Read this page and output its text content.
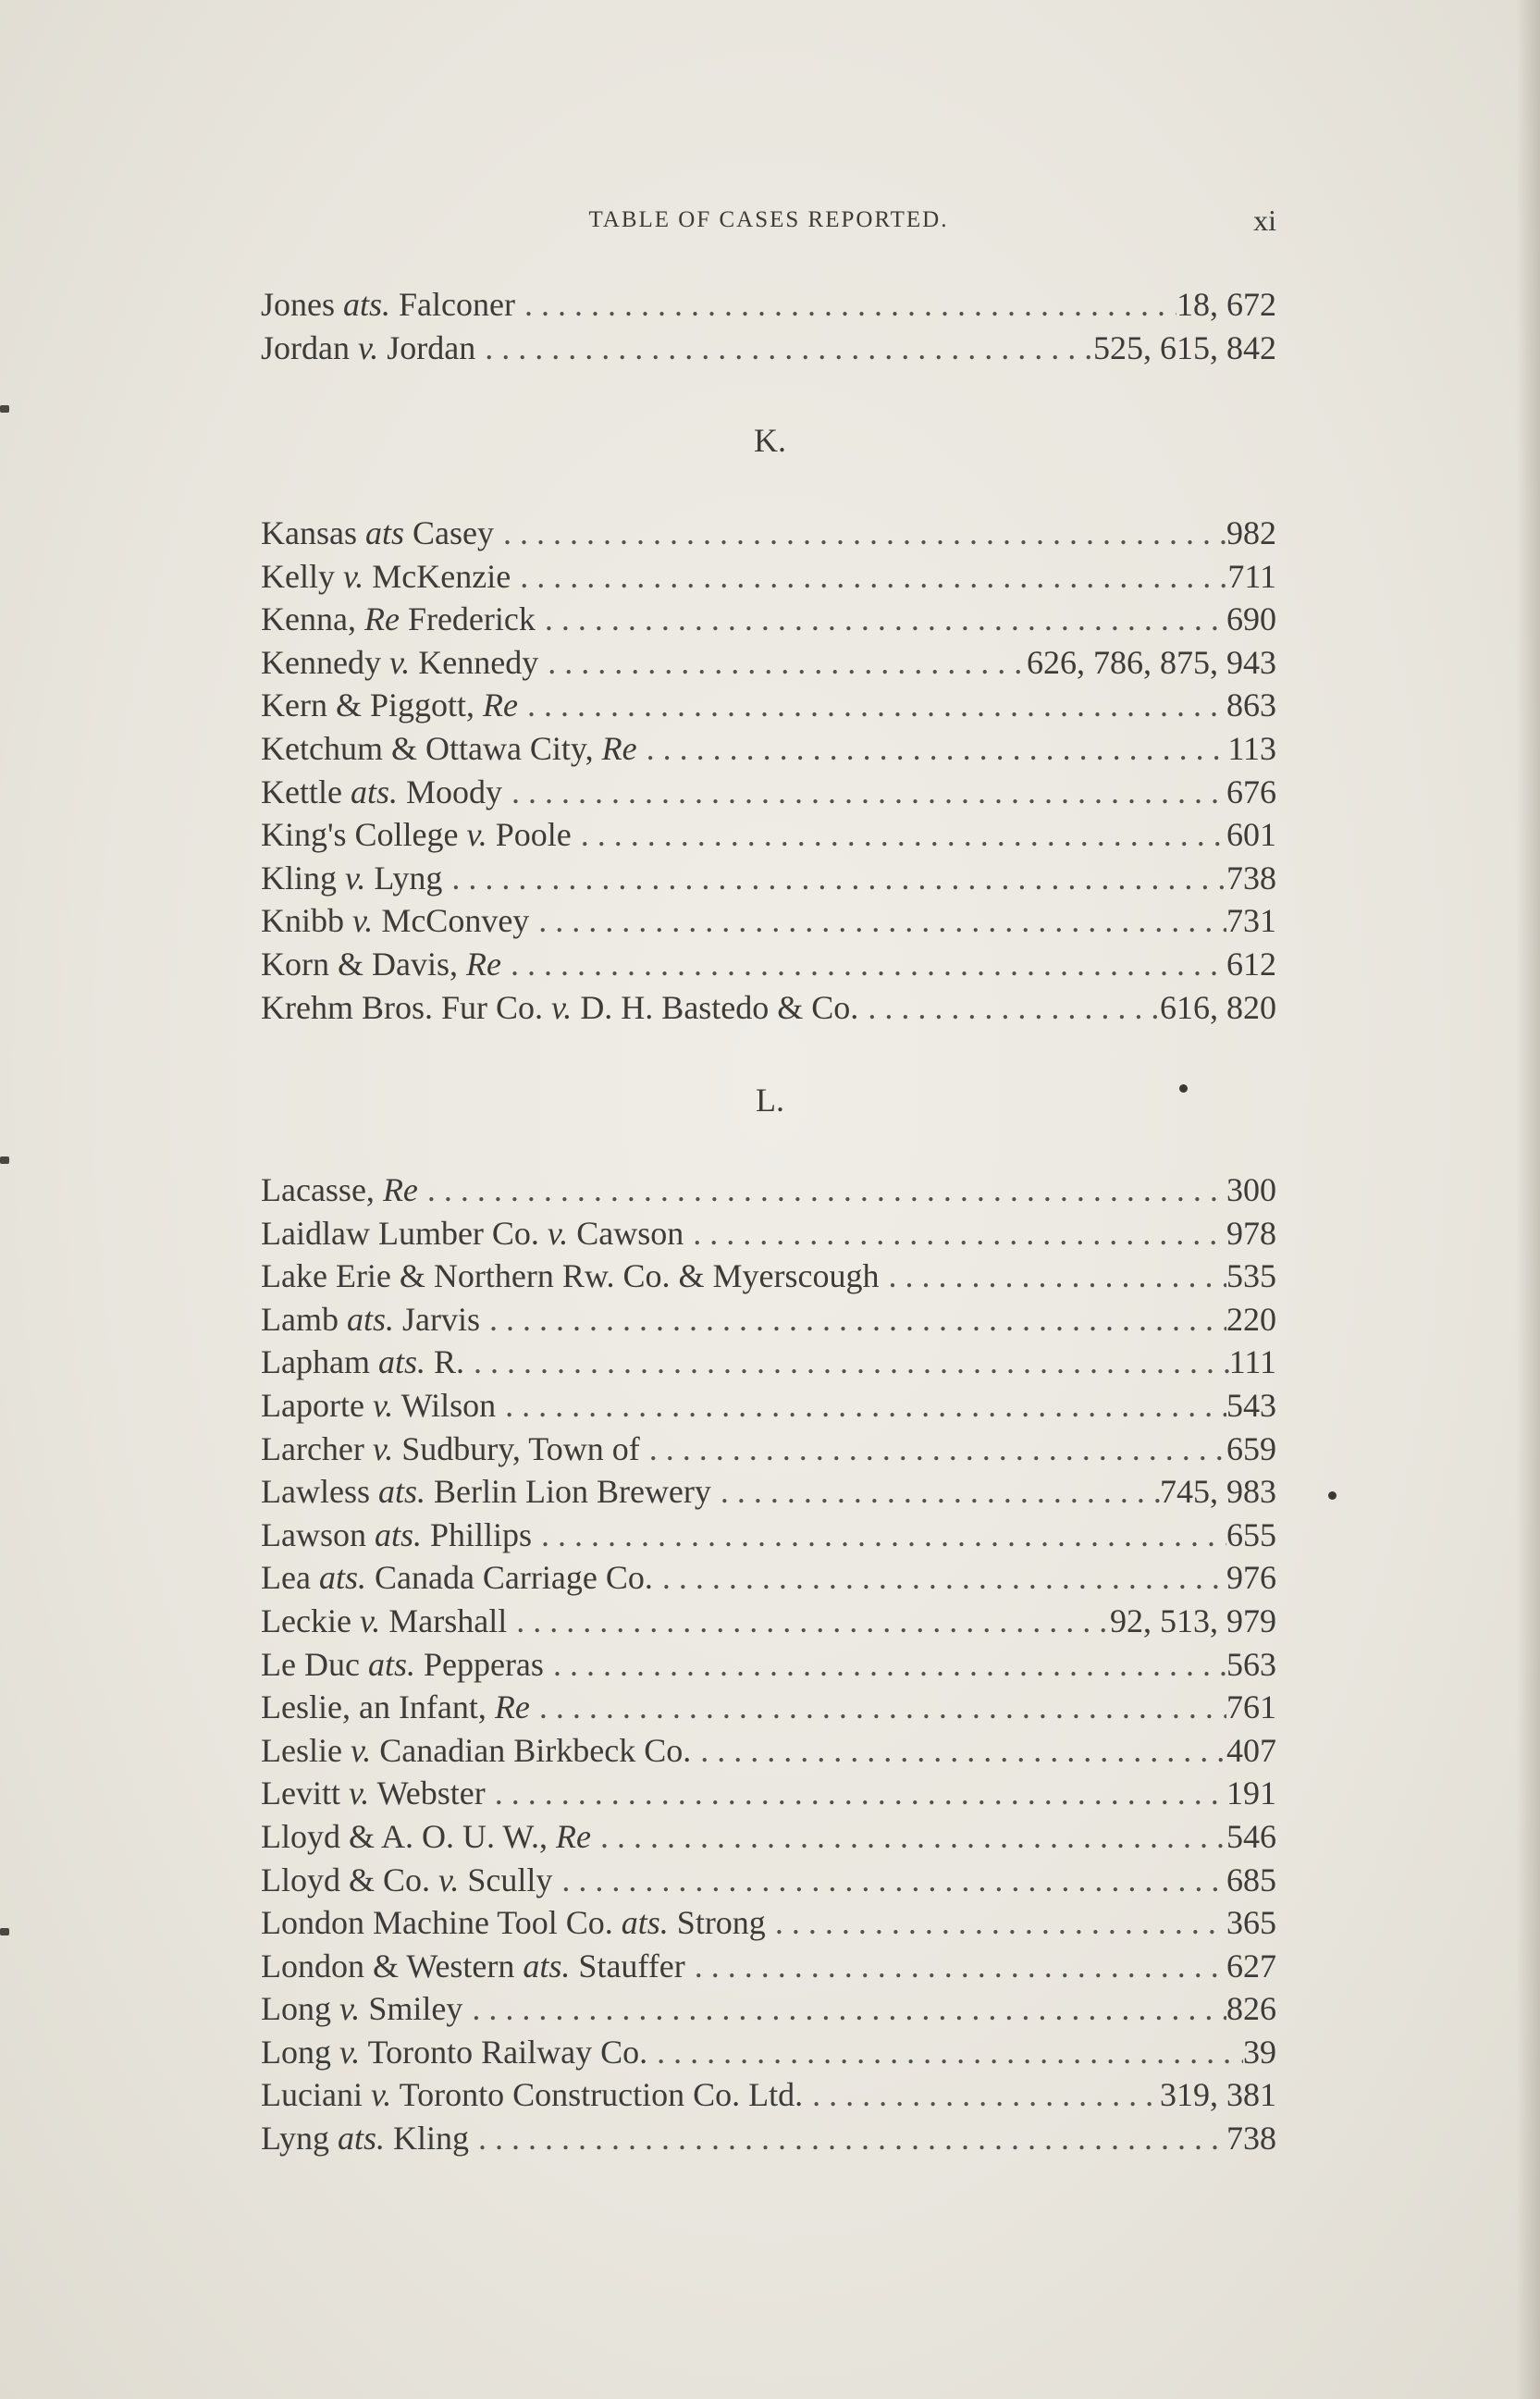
TABLE OF CASES REPORTED.	xi
Jones ats. Falconer . . .	18, 672
Jordan v. Jordan . . .	525, 615, 842
K.
Kansas ats Casey . . .	982
Kelly v. McKenzie . . .	711
Kenna, Re Frederick . . .	690
Kennedy v. Kennedy . . .	626, 786, 875, 943
Kern & Piggott, Re . . .	863
Ketchum & Ottawa City, Re . . .	113
Kettle ats. Moody . . .	676
King's College v. Poole . . .	601
Kling v. Lyng . . .	738
Knibb v. McConvey . . .	731
Korn & Davis, Re . . .	612
Krehm Bros. Fur Co. v. D. H. Bastedo & Co. . . .	616, 820
L.
Lacasse, Re . . .	300
Laidlaw Lumber Co. v. Cawson . . .	978
Lake Erie & Northern Rw. Co. & Myerscough . . .	535
Lamb ats. Jarvis . . .	220
Lapham ats. R. . . .	111
Laporte v. Wilson . . .	543
Larcher v. Sudbury, Town of . . .	659
Lawless ats. Berlin Lion Brewery . . .	745, 983
Lawson ats. Phillips . . .	655
Lea ats. Canada Carriage Co. . . .	976
Leckie v. Marshall . . .	92, 513, 979
Le Duc ats. Pepperas . . .	563
Leslie, an Infant, Re . . .	761
Leslie v. Canadian Birkbeck Co. . . .	407
Levitt v. Webster . . .	191
Lloyd & A. O. U. W., Re . . .	546
Lloyd & Co. v. Scully . . .	685
London Machine Tool Co. ats. Strong . . .	365
London & Western ats. Stauffer . . .	627
Long v. Smiley . . .	826
Long v. Toronto Railway Co. . . .	39
Luciani v. Toronto Construction Co. Ltd. . . .	319, 381
Lyng ats. Kling . . .	738
